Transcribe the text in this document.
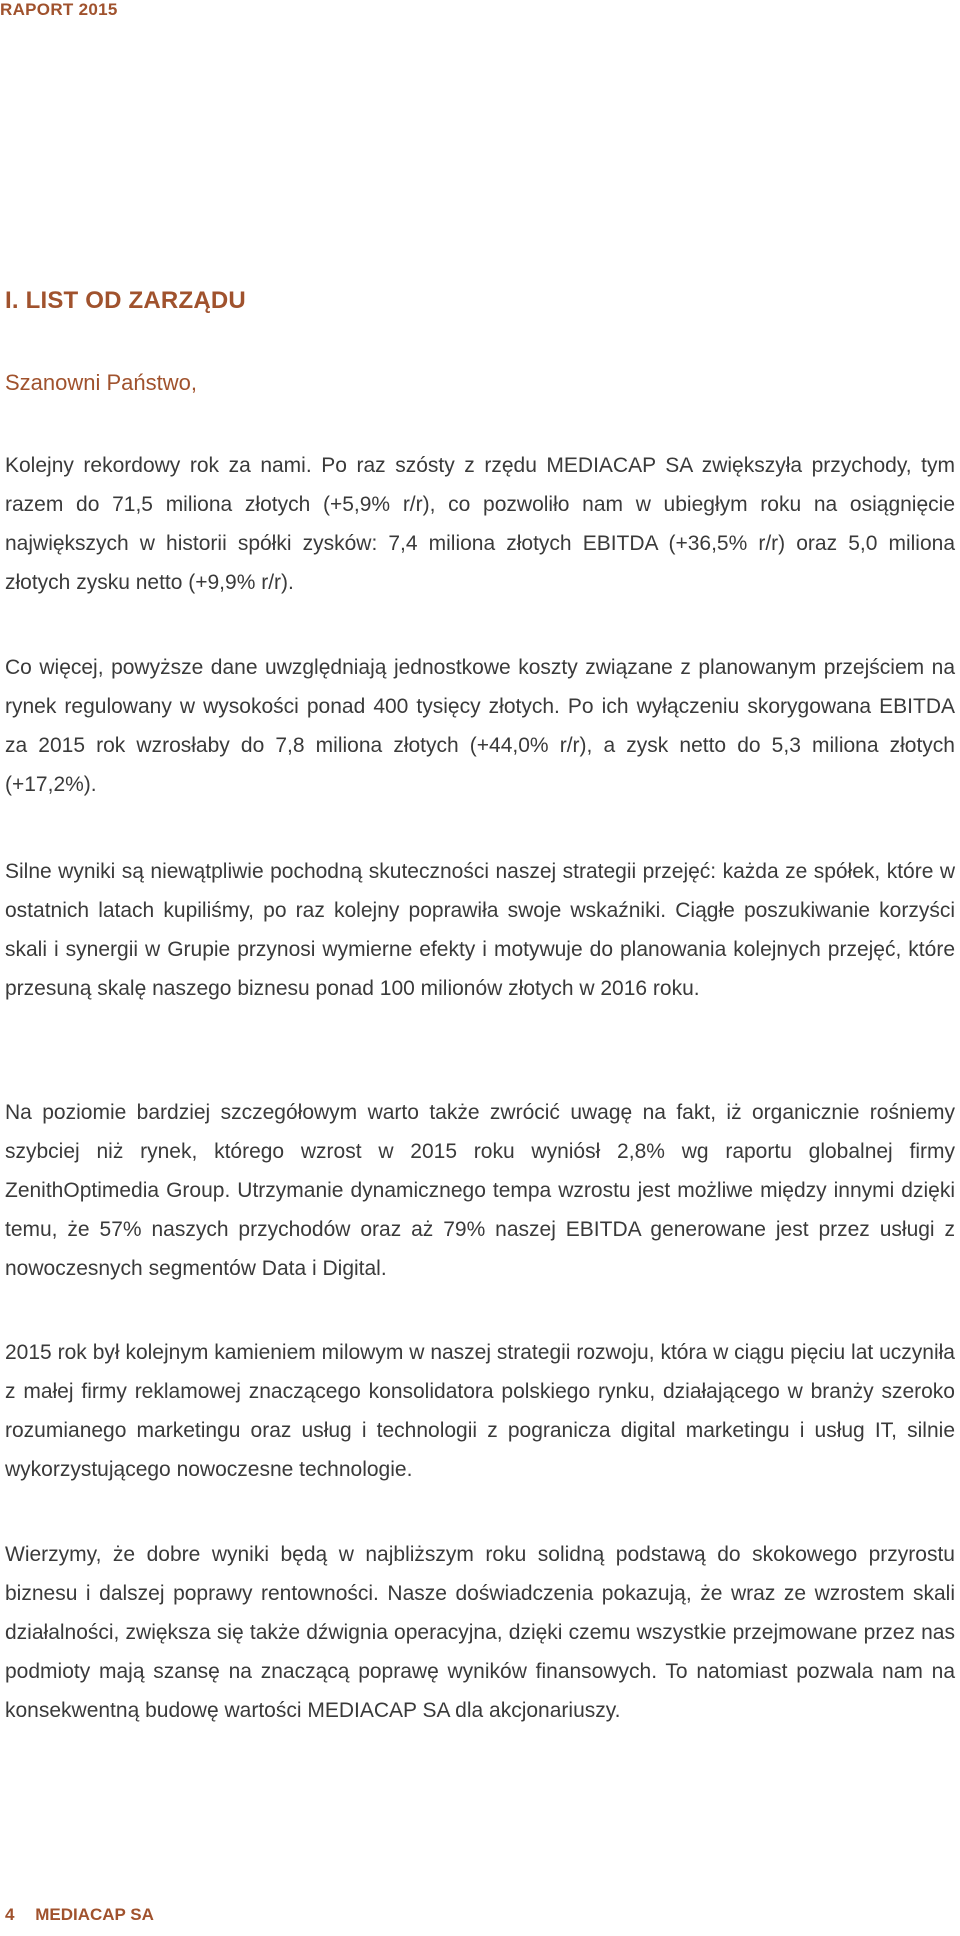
RAPORT 2015
I. LIST OD ZARZĄDU
Szanowni Państwo,

Kolejny rekordowy rok za nami. Po raz szósty z rzędu MEDIACAP SA zwiększyła przychody, tym razem do 71,5 miliona złotych (+5,9% r/r), co pozwoliło nam w ubiegłym roku na osiągnięcie największych w historii spółki zysków: 7,4 miliona złotych EBITDA (+36,5% r/r) oraz 5,0 miliona złotych zysku netto (+9,9% r/r).

Co więcej, powyższe dane uwzględniają jednostkowe koszty związane z planowanym przejściem na rynek regulowany w wysokości ponad 400 tysięcy złotych. Po ich wyłączeniu skorygowana EBITDA za 2015 rok wzrosłaby do 7,8 miliona złotych (+44,0% r/r), a zysk netto do 5,3 miliona złotych (+17,2%).

Silne wyniki są niewątpliwie pochodną skuteczności naszej strategii przejęć: każda ze spółek, które w ostatnich latach kupiliśmy, po raz kolejny poprawiła swoje wskaźniki. Ciągłe poszukiwanie korzyści skali i synergii w Grupie przynosi wymierne efekty i motywuje do planowania kolejnych przejęć, które przesuną skalę naszego biznesu ponad 100 milionów złotych w 2016 roku.

Na poziomie bardziej szczegółowym warto także zwrócić uwagę na fakt, iż organicznie rośniemy szybciej niż rynek, którego wzrost w 2015 roku wyniósł 2,8% wg raportu globalnej firmy ZenithOptimedia Group. Utrzymanie dynamicznego tempa wzrostu jest możliwe między innymi dzięki temu, że 57% naszych przychodów oraz aż 79% naszej EBITDA generowane jest przez usługi z nowoczesnych segmentów Data i Digital.

2015 rok był kolejnym kamieniem milowym w naszej strategii rozwoju, która w ciągu pięciu lat uczyniła z małej firmy reklamowej znaczącego konsolidatora polskiego rynku, działającego w branży szeroko rozumianego marketingu oraz usług i technologii z pogranicza digital marketingu i usług IT, silnie wykorzystującego nowoczesne technologie.

Wierzymy, że dobre wyniki będą w najbliższym roku solidną podstawą do skokowego przyrostu biznesu i dalszej poprawy rentowności. Nasze doświadczenia pokazują, że wraz ze wzrostem skali działalności, zwiększa się także dźwignia operacyjna, dzięki czemu wszystkie przejmowane przez nas podmioty mają szansę na znaczącą poprawę wyników finansowych. To natomiast pozwala nam na konsekwentną budowę wartości MEDIACAP SA dla akcjonariuszy.

4 MEDIACAP SA
